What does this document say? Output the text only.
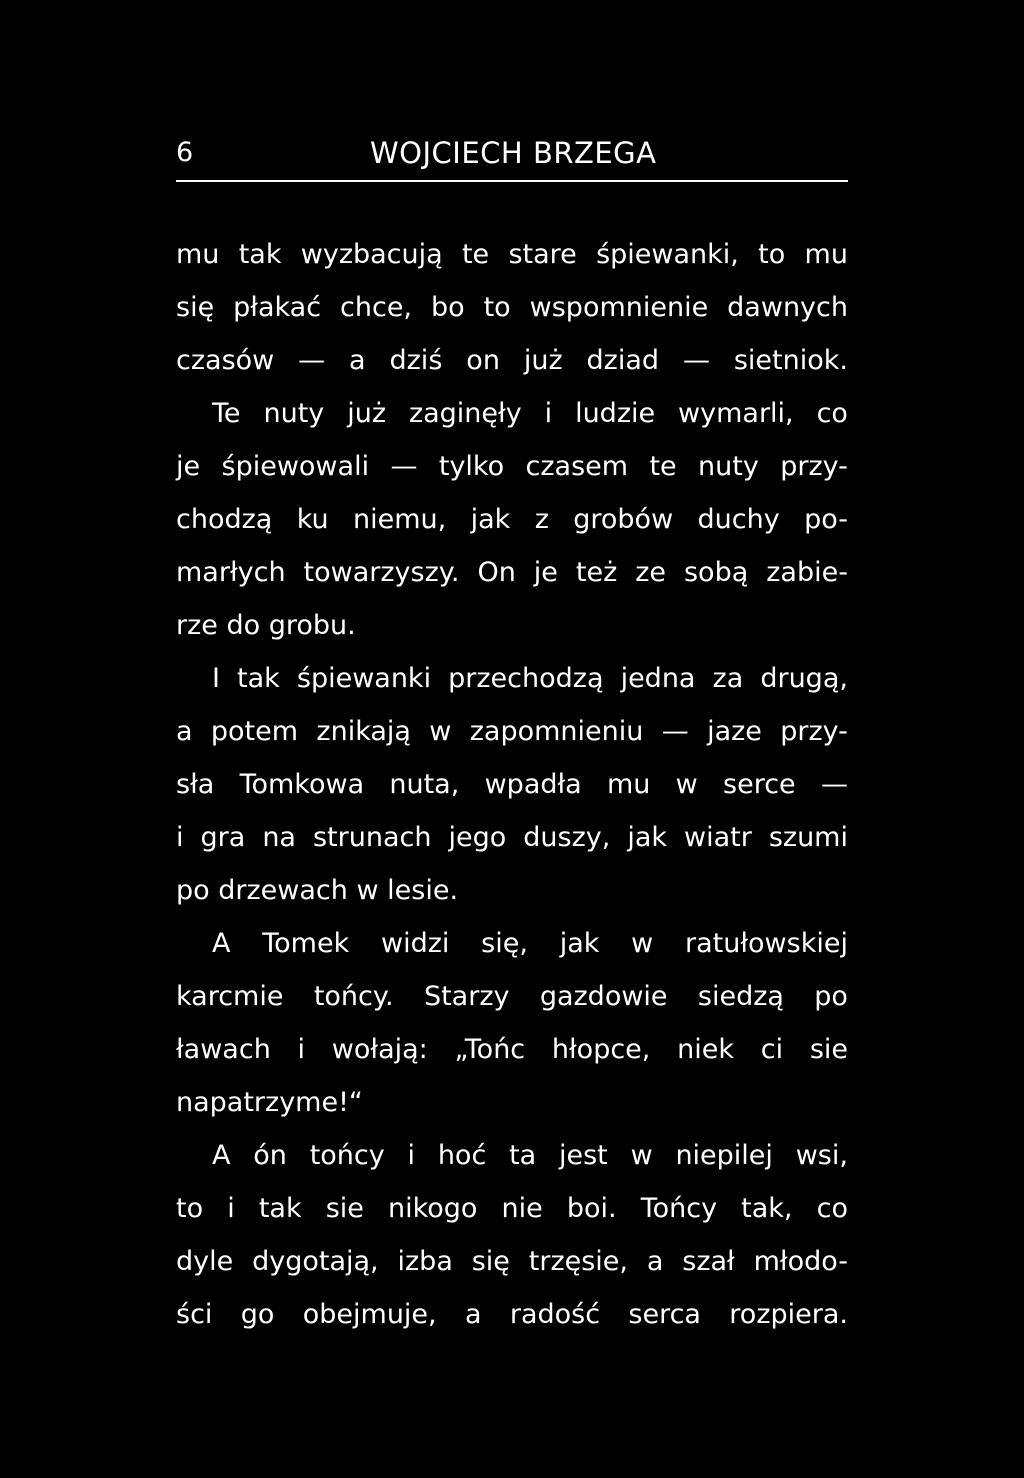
6	WOJCIECH BRZEGA
mu tak wyzbacują te stare śpiewanki, to mu
się płakać chce, bo to wspomnienie dawnych
czasów — a dziś on już dziad — sietniok.
Te nuty już zaginęły i ludzie wymarli, co
je śpiewowali — tylko czasem te nuty przy-
chodzą ku niemu, jak z grobów duchy po-
marłych towarzyszy. On je też ze sobą zabie-
rze
do
grobu.
I tak śpiewanki przechodzą jedna za drugą,
a potem znikają w zapomnieniu — jaze przy-
sła Tomkowa nuta, wpadła mu w serce —
i gra na strunach jego duszy, jak wiatr szumi
po
drzewach
w
lesie.
A Tomek widzi się, jak w ratułowskiej
karcmie tońcy. Starzy gazdowie siedzą po
ławach i wołają: „Tońc hłopce, niek ci sie
napatrzyme!“
A ón tońcy i hoć ta jest w niepilej wsi,
to i tak sie nikogo nie boi. Tońcy tak, co
dyle dygotają, izba się trzęsie, a szał młodo-
ści go obejmuje, a radość serca rozpiera.
